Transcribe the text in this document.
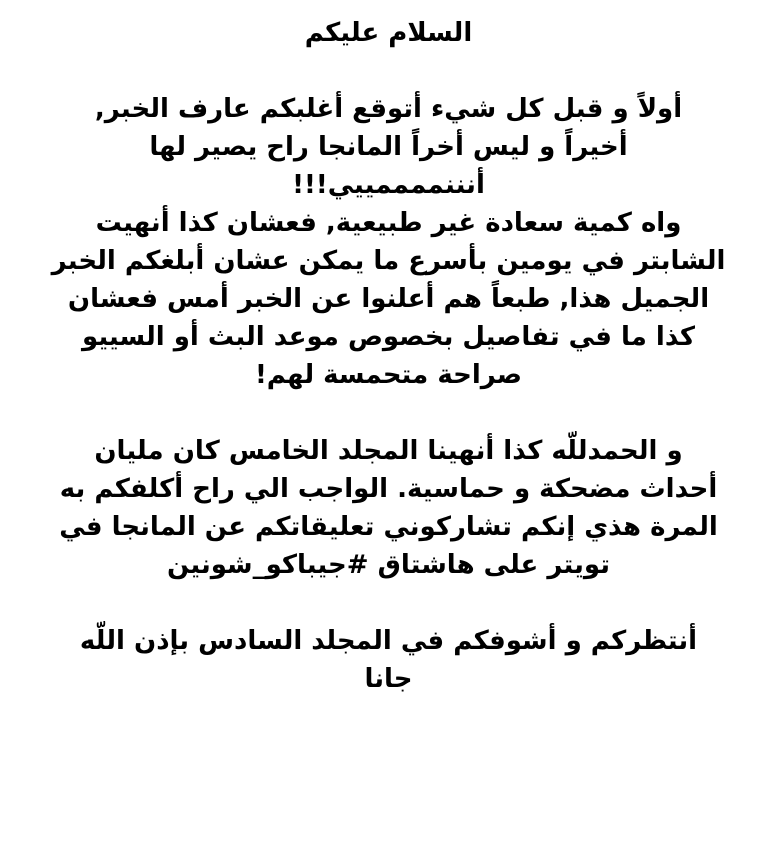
السلام عليكم
أولاً و قبل كل شيء أتوقع أغلبكم عارف الخبر,
أخيراً و ليس أخراً المانجا راح يصير لها
أنننممممييي!!!
واه كمية سعادة غير طبيعية, فعشان كذا أنهيت
الشابتر في يومين بأسرع ما يمكن عشان أبلغكم الخبر
الجميل هذا, طبعاً هم أعلنوا عن الخبر أمس فعشان
كذا ما في تفاصيل بخصوص موعد البث أو السييو
صراحة متحمسة لهم!
و الحمدللّه كذا أنهينا المجلد الخامس كان مليان
أحداث مضحكة و حماسية. الواجب الي راح أكلفكم به
المرة هذي إنكم تشاركوني تعليقاتكم عن المانجا في
تويتر على هاشتاق #جيباكو_شونين
أنتظركم و أشوفكم في المجلد السادس بإذن اللّه
جانا
